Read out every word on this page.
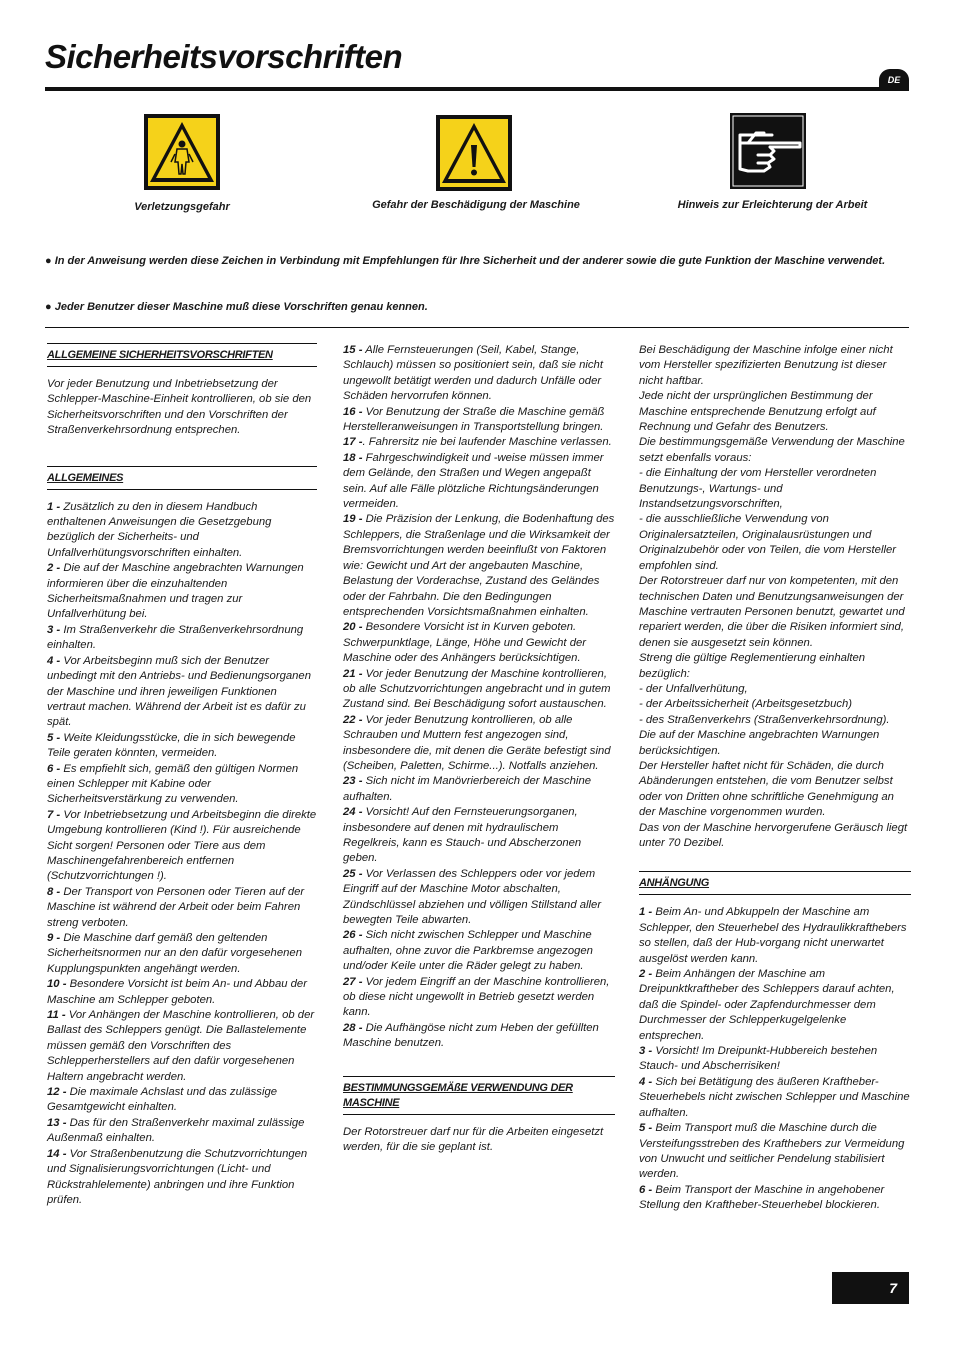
Sicherheitsvorschriften
DE
Verletzungsgefahr	Gefahr der Beschädigung der Maschine	Hinweis zur Erleichterung der Arbeit
● In der Anweisung werden diese Zeichen in Verbindung mit Empfehlungen für Ihre Sicherheit und der anderer sowie die gute Funktion der Maschine verwendet.
● Jeder Benutzer dieser Maschine muß diese Vorschriften genau kennen.
ALLGEMEINE SICHERHEITSVORSCHRIFTEN

Vor jeder Benutzung und Inbetriebsetzung der Schlepper-Maschine-Einheit kontrollieren, ob sie den Sicherheitsvorschriften und den Vorschriften der Straßenverkehrsordnung entsprechen.

ALLGEMEINES

1 - Zusätzlich zu den in diesem Handbuch enthaltenen Anweisungen die Gesetzgebung bezüglich der Sicherheits- und Unfallverhütungsvorschriften einhalten.

2 - Die auf der Maschine angebrachten Warnungen informieren über die einzuhaltenden Sicherheitsmaßnahmen und tragen zur Unfallverhütung bei.

3 - Im Straßenverkehr die Straßenverkehrsordnung einhalten.

4 - Vor Arbeitsbeginn muß sich der Benutzer unbedingt mit den Antriebs- und Bedienungsorganen der Maschine und ihren jeweiligen Funktionen vertraut machen. Während der Arbeit ist es dafür zu spät.

5 - Weite Kleidungsstücke, die in sich bewegende Teile geraten könnten, vermeiden.

6 - Es empfiehlt sich, gemäß den gültigen Normen einen Schlepper mit Kabine oder Sicherheitsverstärkung zu verwenden.

7 - Vor Inbetriebsetzung und Arbeitsbeginn die direkte Umgebung kontrollieren (Kind !). Für ausreichende Sicht sorgen! Personen oder Tiere aus dem Maschinengefahrenbereich entfernen (Schutzvorrichtungen !).

8 - Der Transport von Personen oder Tieren auf der Maschine ist während der Arbeit oder beim Fahren streng verboten.

9 - Die Maschine darf gemäß den geltenden Sicherheitsnormen nur an den dafür vorgesehenen Kupplungspunkten angehängt werden.

10 - Besondere Vorsicht ist beim An- und Abbau der Maschine am Schlepper geboten.

11 - Vor Anhängen der Maschine kontrollieren, ob der Ballast des Schleppers genügt. Die Ballastelemente müssen gemäß den Vorschriften des Schlepperherstellers auf den dafür vorgesehenen Haltern angebracht werden.

12 - Die maximale Achslast und das zulässige Gesamtgewicht einhalten.

13 - Das für den Straßenverkehr maximal zulässige Außenmaß einhalten.

14 - Vor Straßenbenutzung die Schutzvorrichtungen und Signalisierungsvorrichtungen (Licht- und Rückstrahlelemente) anbringen und ihre Funktion prüfen.

15 - Alle Fernsteuerungen (Seil, Kabel, Stange, Schlauch) müssen so positioniert sein, daß sie nicht ungewollt betätigt werden und dadurch Unfälle oder Schäden hervorrufen können.

16 - Vor Benutzung der Straße die Maschine gemäß Herstelleranweisungen in Transportstellung bringen.

17 -. Fahrersitz nie bei laufender Maschine verlassen.

18 - Fahrgeschwindigkeit und -weise müssen immer dem Gelände, den Straßen und Wegen angepaßt sein. Auf alle Fälle plötzliche Richtungsänderungen vermeiden.

19 - Die Präzision der Lenkung, die Bodenhaftung des Schleppers, die Straßenlage und die Wirksamkeit der Bremsvorrichtungen werden beeinflußt von Faktoren wie: Gewicht und Art der angebauten Maschine, Belastung der Vorderachse, Zustand des Geländes oder der Fahrbahn. Die den Bedingungen entsprechenden Vorsichtsmaßnahmen einhalten.

20 - Besondere Vorsicht ist in Kurven geboten. Schwerpunktlage, Länge, Höhe und Gewicht der Maschine oder des Anhängers berücksichtigen.

21 - Vor jeder Benutzung der Maschine kontrollieren, ob alle Schutzvorrichtungen angebracht und in gutem Zustand sind. Bei Beschädigung sofort austauschen.

22 - Vor jeder Benutzung kontrollieren, ob alle Schrauben und Muttern fest angezogen sind, insbesondere die, mit denen die Geräte befestigt sind (Scheiben, Paletten, Schirme...). Notfalls anziehen.

23 - Sich nicht im Manövrierbereich der Maschine aufhalten.

24 - Vorsicht! Auf den Fernsteuerungsorganen, insbesondere auf denen mit hydraulischem Regelkreis, kann es Stauch- und Abscherzonen geben.

25 - Vor Verlassen des Schleppers oder vor jedem Eingriff auf der Maschine Motor abschalten, Zündschlüssel abziehen und völligen Stillstand aller bewegten Teile abwarten.

26 - Sich nicht zwischen Schlepper und Maschine aufhalten, ohne zuvor die Parkbremse angezogen und/oder Keile unter die Räder gelegt zu haben.

27 - Vor jedem Eingriff an der Maschine kontrollieren, ob diese nicht ungewollt in Betrieb gesetzt werden kann.

28 - Die Aufhängöse nicht zum Heben der gefüllten Maschine benutzen.

BESTIMMUNGSGEMÄßE VERWENDUNG DER MASCHINE

Der Rotorstreuer darf nur für die Arbeiten eingesetzt werden, für die sie geplant ist.

Bei Beschädigung der Maschine infolge einer nicht vom Hersteller spezifizierten Benutzung ist dieser nicht haftbar.
Jede nicht der ursprünglichen Bestimmung der Maschine entsprechende Benutzung erfolgt auf Rechnung und Gefahr des Benutzers.
Die bestimmungsgemäße Verwendung der Maschine setzt ebenfalls voraus:
- die Einhaltung der vom Hersteller verordneten Benutzungs-, Wartungs- und Instandsetzungsvorschriften,
- die ausschließliche Verwendung von Originalersatzteilen, Originalausrüstungen und Originalzubehör oder von Teilen, die vom Hersteller empfohlen sind.
Der Rotorstreuer darf nur von kompetenten, mit den technischen Daten und Benutzungsanweisungen der Maschine vertrauten Personen benutzt, gewartet und repariert werden, die über die Risiken informiert sind, denen sie ausgesetzt sein können.
Streng die gültige Reglementierung einhalten bezüglich:
- der Unfallverhütung,
- der Arbeitssicherheit (Arbeitsgesetzbuch)
- des Straßenverkehrs (Straßenverkehrsordnung).
Die auf der Maschine angebrachten Warnungen berücksichtigen.
Der Hersteller haftet nicht für Schäden, die durch Abänderungen entstehen, die vom Benutzer selbst oder von Dritten ohne schriftliche Genehmigung an der Maschine vorgenommen wurden.
Das von der Maschine hervorgerufene Geräusch liegt unter 70 Dezibel.

ANHÄNGUNG

1 - Beim An- und Abkuppeln der Maschine am Schlepper, den Steuerhebel des Hydraulikkrafthebers so stellen, daß der Hub-vorgang nicht unerwartet ausgelöst werden kann.

2 - Beim Anhängen der Maschine am Dreipunktkraftheber des Schleppers darauf achten, daß die Spindel- oder Zapfendurchmesser dem Durchmesser der Schlepperkugelgelenke entsprechen.

3 - Vorsicht! Im Dreipunkt-Hubbereich bestehen Stauch- und Abscherrisiken!

4 - Sich bei Betätigung des äußeren Kraftheber-Steuerhebels nicht zwischen Schlepper und Maschine aufhalten.

5 - Beim Transport muß die Maschine durch die Versteifungsstreben des Krafthebers zur Vermeidung von Unwucht und seitlicher Pendelung stabilisiert werden.

6 - Beim Transport der Maschine in angehobener Stellung den Kraftheber-Steuerhebel blockieren.

7
